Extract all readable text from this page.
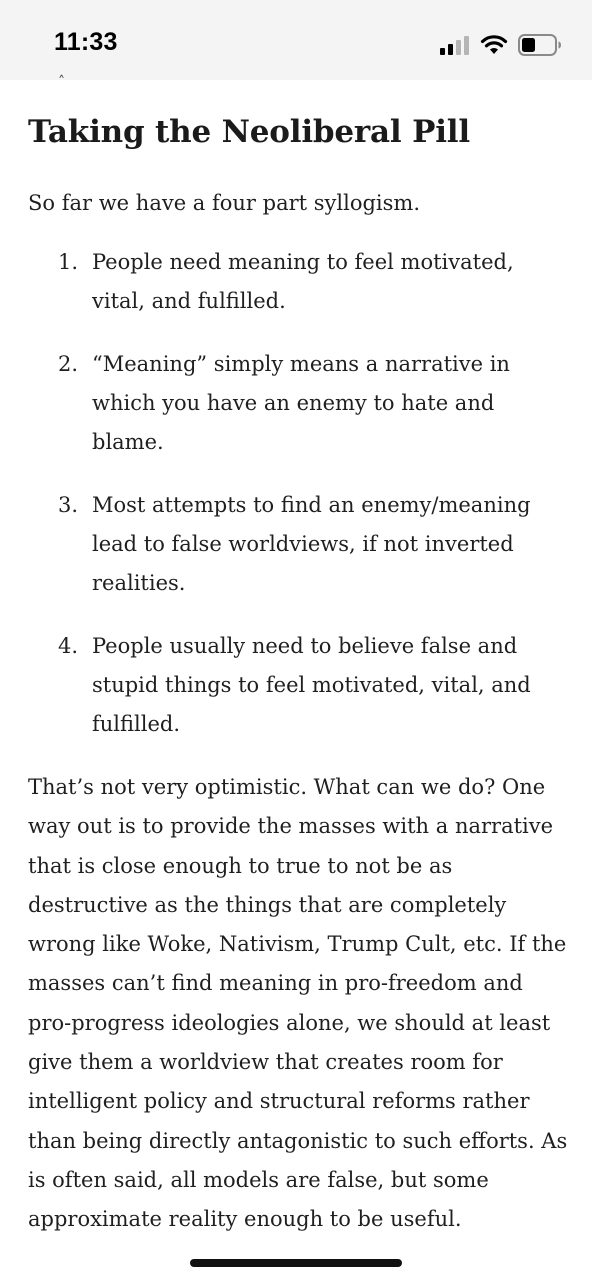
11:33
˄
Taking the Neoliberal Pill

So far we have a four part syllogism.

1. People need meaning to feel motivated, vital, and fulfilled.
2. “Meaning” simply means a narrative in which you have an enemy to hate and blame.
3. Most attempts to find an enemy/meaning lead to false worldviews, if not inverted realities.
4. People usually need to believe false and stupid things to feel motivated, vital, and fulfilled.

That’s not very optimistic. What can we do? One way out is to provide the masses with a narrative that is close enough to true to not be as destructive as the things that are completely wrong like Woke, Nativism, Trump Cult, etc. If the masses can’t find meaning in pro-freedom and pro-progress ideologies alone, we should at least give them a worldview that creates room for intelligent policy and structural reforms rather than being directly antagonistic to such efforts. As is often said, all models are false, but some approximate reality enough to be useful.
